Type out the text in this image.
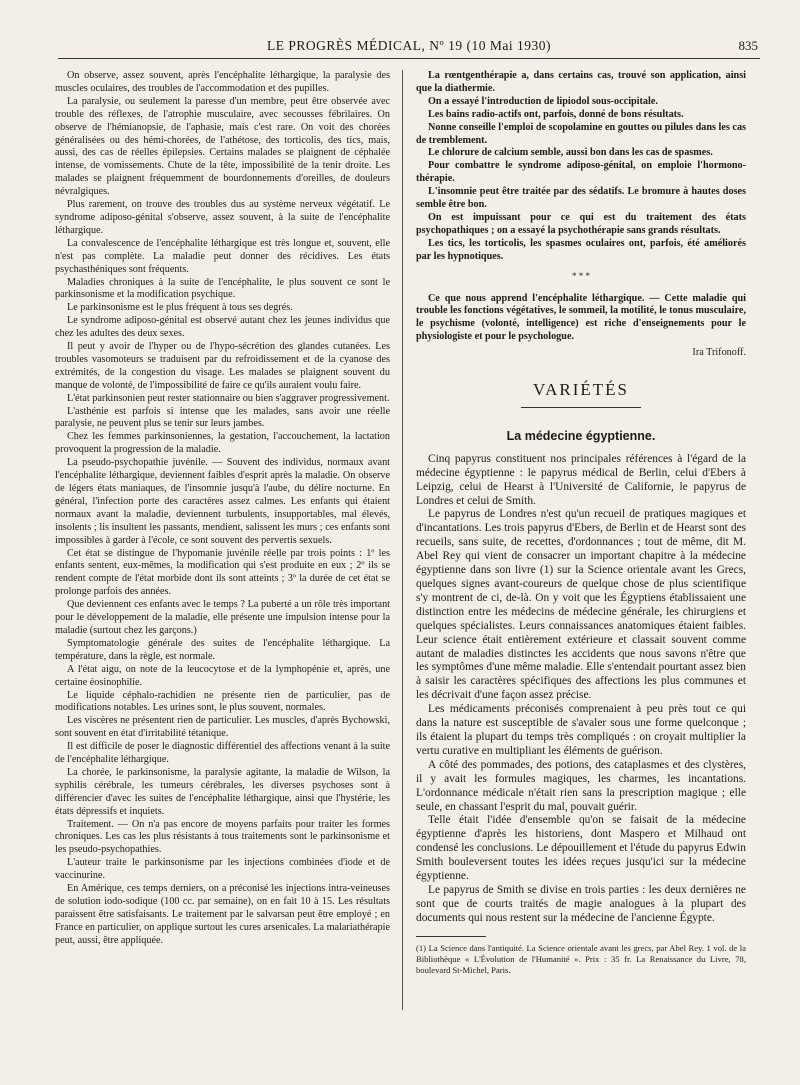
LE PROGRÈS MÉDICAL, Nº 19 (10 Mai 1930)	835

On observe, assez souvent, après l'encéphalite léthargique, la paralysie des muscles oculaires, des troubles de l'accommodation et des pupilles.

La paralysie, ou seulement la paresse d'un membre, peut être observée avec trouble des réflexes, de l'atrophie musculaire, avec secousses fébrilaires. On observe de l'hémianopsie, de l'aphasie, mais c'est rare. On voit des chorées généralisées ou des hémi-chorées, de l'athétose, des torticolis, des tics, mais, aussi, des cas de réelles épilepsies. Certains malades se plaignent de céphalée intense, de vomissements. Chute de la tête, impossibilité de la tenir droite. Les malades se plaignent fréquemment de bourdonnements d'oreilles, de douleurs névralgiques.

Plus rarement, on trouve des troubles dus au système nerveux végétatif. Le syndrome adiposo-génital s'observe, assez souvent, à la suite de l'encéphalite léthargique.

La convalescence de l'encéphalite léthargique est très longue et, souvent, elle n'est pas complète. La maladie peut donner des récidives. Les états psychasthéniques sont fréquents.

Maladies chroniques à la suite de l'encéphalite, le plus souvent ce sont le parkinsonisme et la modification psychique.

Le parkinsonisme est le plus fréquent à tous ses degrés.

Le syndrome adiposo-génital est observé autant chez les jeunes individus que chez les adultes des deux sexes.

Il peut y avoir de l'hyper ou de l'hypo-sécrétion des glandes cutanées. Les troubles vasomoteurs se traduisent par du refroidissement et de la cyanose des extrémités, de la congestion du visage. Les malades se plaignent souvent du manque de volonté, de l'impossibilité de faire ce qu'ils auraient voulu faire.

L'état parkinsonien peut rester stationnaire ou bien s'aggraver progressivement.

L'asthénie est parfois si intense que les malades, sans avoir une réelle paralysie, ne peuvent plus se tenir sur leurs jambes.

Chez les femmes parkinsoniennes, la gestation, l'accouchement, la lactation provoquent la progression de la maladie.

La pseudo-psychopathie juvénile. — Souvent des individus, normaux avant l'encéphalite léthargique, deviennent faibles d'esprit après la maladie. On observe de légers états maniaques, de l'insomnie jusqu'à l'aube, du délire nocturne. En général, l'infection porte des caractères assez calmes. Les enfants qui étaient normaux avant la maladie, deviennent turbulents, insupportables, mal élevés, insolents ; lis insultent les passants, mendient, salissent les murs ; ces enfants sont impossibles à garder à l'école, ce sont souvent des pervertis sexuels.

Cet état se distingue de l'hypomanie juvénile réelle par trois points : 1º les enfants sentent, eux-mêmes, la modification qui s'est produite en eux ; 2º ils se rendent compte de l'état morbide dont ils sont atteints ; 3º la durée de cet état se prolonge parfois des années.

Que deviennent ces enfants avec le temps ? La puberté a un rôle très important pour le développement de la maladie, elle présente une impulsion intense pour la maladie (surtout chez les garçons.)

Symptomatologie générale des suites de l'encéphalite léthargique. La température, dans la règle, est normale.

A l'état aigu, on note de la leucocytose et de la lymphopénie et, après, une certaine éosinophilie.

Le liquide céphalo-rachidien ne présente rien de particulier, pas de modifications notables. Les urines sont, le plus souvent, normales.

Les viscères ne présentent rien de particulier. Les muscles, d'après Bychowski, sont souvent en état d'irritabilité tétanique.

Il est difficile de poser le diagnostic différentiel des affections venant à la suite de l'encéphalite léthargique.

La chorée, le parkinsonisme, la paralysie agitante, la maladie de Wilson, la syphilis cérébrale, les tumeurs cérébrales, les diverses psychoses sont à différencier d'avec les suites de l'encéphalite léthargique, ainsi que l'hystérie, les états dépressifs et inquiets.

Traitement. — On n'a pas encore de moyens parfaits pour traiter les formes chroniques. Les cas les plus résistants à tous traitements sont le parkinsonisme et les pseudo-psychopathies.

L'auteur traite le parkinsonisme par les injections combinées d'iode et de vaccinurine.

En Amérique, ces temps derniers, on a préconisé les injections intra-veineuses de solution iodo-sodique (100 cc. par semaine), on en fait 10 à 15. Les résultats paraissent être satisfaisants. Le traitement par le salvarsan peut être employé ; en France en particulier, on applique surtout les cures arsenicales. La malariathérapie peut, aussi, être appliquée.

La rœntgenthérapie a, dans certains cas, trouvé son application, ainsi que la diathermie.

On a essayé l'introduction de lipiodol sous-occipitale.

Les bains radio-actifs ont, parfois, donné de bons résultats.

Nonne conseille l'emploi de scopolamine en gouttes ou pilules dans les cas de tremblement.

Le chlorure de calcium semble, aussi bon dans les cas de spasmes.

Pour combattre le syndrome adiposo-génital, on emploie l'hormono-thérapie.

L'insomnie peut être traitée par des sédatifs. Le bromure à hautes doses semble être bon.

On est impuissant pour ce qui est du traitement des états psychopathiques ; on a essayé la psychothérapie sans grands résultats.

Les tics, les torticolis, les spasmes oculaires ont, parfois, été améliorés par les hypnotiques.

* * *

Ce que nous apprend l'encéphalite léthargique. — Cette maladie qui trouble les fonctions végétatives, le sommeil, la motilité, le tonus musculaire, le psychisme (volonté, intelligence) est riche d'enseignements pour le physiologiste et pour le psychologue.

Ira Trifonoff.
VARIÉTÉS
La médecine égyptienne.

Cinq papyrus constituent nos principales références à l'égard de la médecine égyptienne : le papyrus médical de Berlin, celui d'Ebers à Leipzig, celui de Hearst à l'Université de Californie, le papyrus de Londres et celui de Smith.

Le papyrus de Londres n'est qu'un recueil de pratiques magiques et d'incantations. Les trois papyrus d'Ebers, de Berlin et de Hearst sont des recueils, sans suite, de recettes, d'ordonnances ; tout de même, dit M. Abel Rey qui vient de consacrer un important chapitre à la médecine égyptienne dans son livre (1) sur la Science orientale avant les Grecs, quelques signes avant-coureurs de quelque chose de plus scientifique s'y montrent de ci, de-là. On y voit que les Égyptiens établissaient une distinction entre les médecins de médecine générale, les chirurgiens et quelques spécialistes. Leurs connaissances anatomiques étaient faibles. Leur science était entièrement extérieure et classait souvent comme autant de maladies distinctes les accidents que nous savons n'être que les symptômes d'une même maladie. Elle s'entendait pourtant assez bien à saisir les caractères spécifiques des affections les plus communes et les décrivait d'une façon assez précise.

Les médicaments préconisés comprenaient à peu près tout ce qui dans la nature est susceptible de s'avaler sous une forme quelconque ; ils étaient la plupart du temps très compliqués : on croyait multiplier la vertu curative en multipliant les éléments de guérison.

A côté des pommades, des potions, des cataplasmes et des clystères, il y avait les formules magiques, les charmes, les incantations. L'ordonnance médicale n'était rien sans la prescription magique ; elle seule, en chassant l'esprit du mal, pouvait guérir.

Telle était l'idée d'ensemble qu'on se faisait de la médecine égyptienne d'après les historiens, dont Maspero et Milhaud ont condensé les conclusions. Le dépouillement et l'étude du papyrus Edwin Smith bouleversent toutes les idées reçues jusqu'ici sur la médecine égyptienne.

Le papyrus de Smith se divise en trois parties : les deux dernières ne sont que de courts traités de magie analogues à la plupart des documents qui nous restent sur la médecine de l'ancienne Égypte.

(1) La Science dans l'antiquité. La Science orientale avant les grecs, par Abel Rey. 1 vol. de la Bibliothèque « L'Évolution de l'Humanité ». Prix : 35 fr. La Renaissance du Livre, 78, boulevard St-Michel, Paris.
